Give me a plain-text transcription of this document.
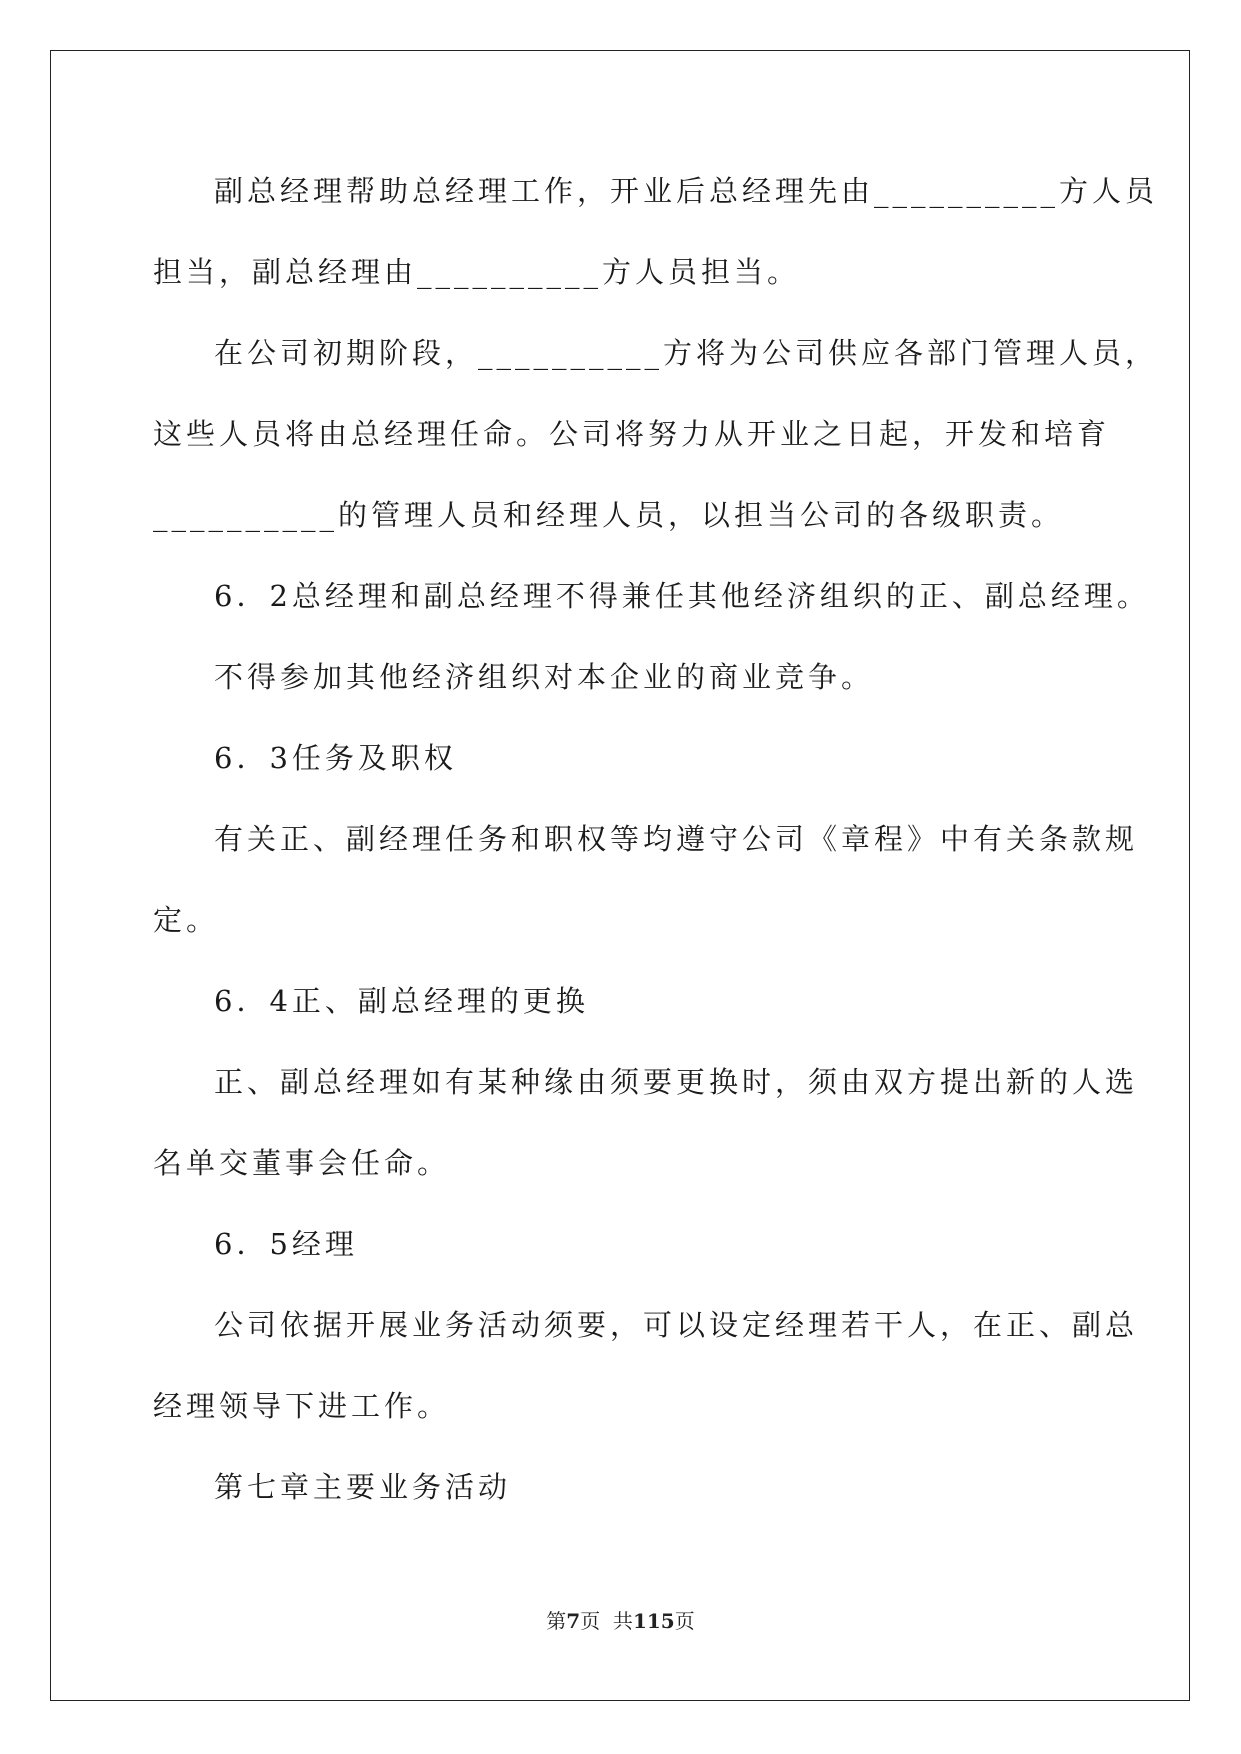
副总经理帮助总经理工作，开业后总经理先由__________方人员
担当，副总经理由__________方人员担当。
在公司初期阶段，__________方将为公司供应各部门管理人员，
这些人员将由总经理任命。公司将努力从开业之日起，开发和培育
__________的管理人员和经理人员，以担当公司的各级职责。
6．2总经理和副总经理不得兼任其他经济组织的正、副总经理。
不得参加其他经济组织对本企业的商业竞争。
6．3任务及职权
有关正、副经理任务和职权等均遵守公司《章程》中有关条款规
定。
6．4正、副总经理的更换
正、副总经理如有某种缘由须要更换时，须由双方提出新的人选
名单交董事会任命。
6．5经理
公司依据开展业务活动须要，可以设定经理若干人，在正、副总
经理领导下进工作。
第七章主要业务活动
第7页  共115页
